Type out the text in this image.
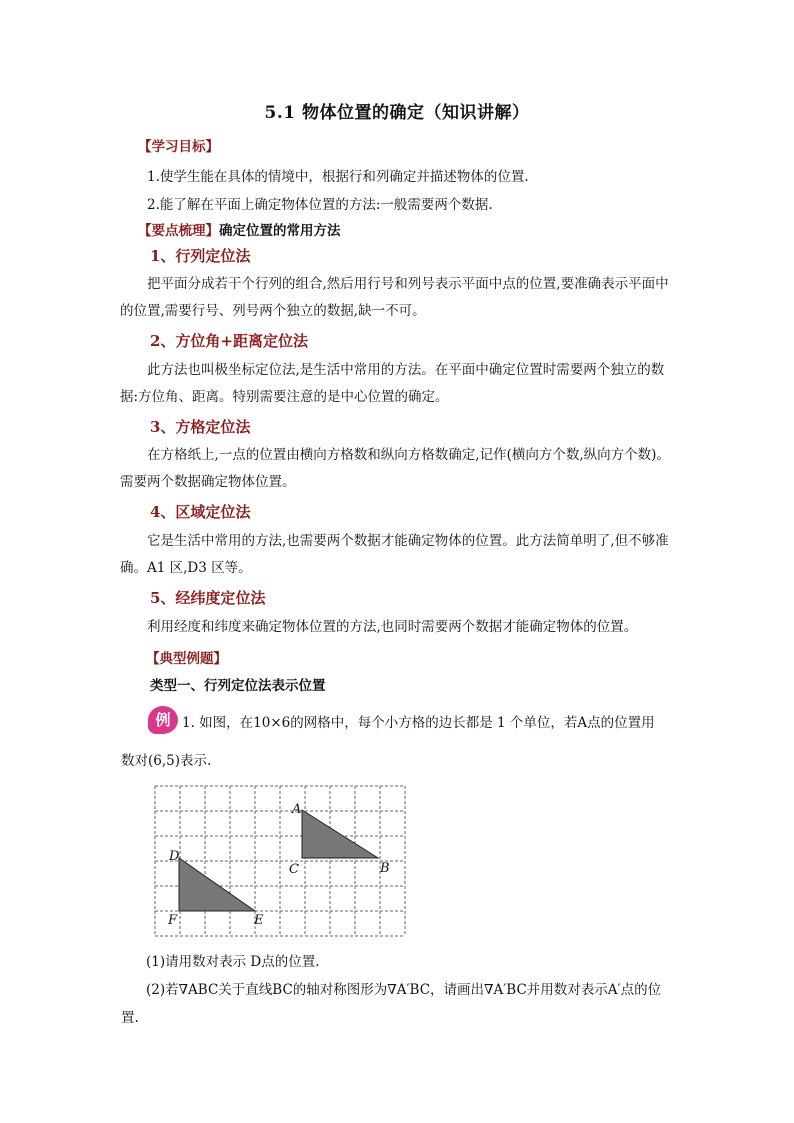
5.1 物体位置的确定（知识讲解）
【学习目标】
1.使学生能在具体的情境中，根据行和列确定并描述物体的位置.
2.能了解在平面上确定物体位置的方法:一般需要两个数据.
【要点梳理】确定位置的常用方法
1、行列定位法
把平面分成若干个行列的组合,然后用行号和列号表示平面中点的位置,要准确表示平面中的位置,需要行号、列号两个独立的数据,缺一不可。
2、方位角+距离定位法
此方法也叫极坐标定位法,是生活中常用的方法。在平面中确定位置时需要两个独立的数据:方位角、距离。特别需要注意的是中心位置的确定。
3、方格定位法
在方格纸上,一点的位置由横向方格数和纵向方格数确定,记作(横向方个数,纵向方个数)。需要两个数据确定物体位置。
4、区域定位法
它是生活中常用的方法,也需要两个数据才能确定物体的位置。此方法简单明了,但不够准确。A1 区,D3 区等。
5、经纬度定位法
利用经度和纬度来确定物体位置的方法,也同时需要两个数据才能确定物体的位置。
【典型例题】
类型一、行列定位法表示位置
例 1. 如图，在10×6的网格中，每个小方格的边长都是 1 个单位，若A点的位置用
数对(6,5)表示.
A
B
C
D
E
F
(1)请用数对表示 D点的位置.
(2)若∇ABC关于直线BC的轴对称图形为∇A′BC，请画出∇A′BC并用数对表示A′点的位
置.
